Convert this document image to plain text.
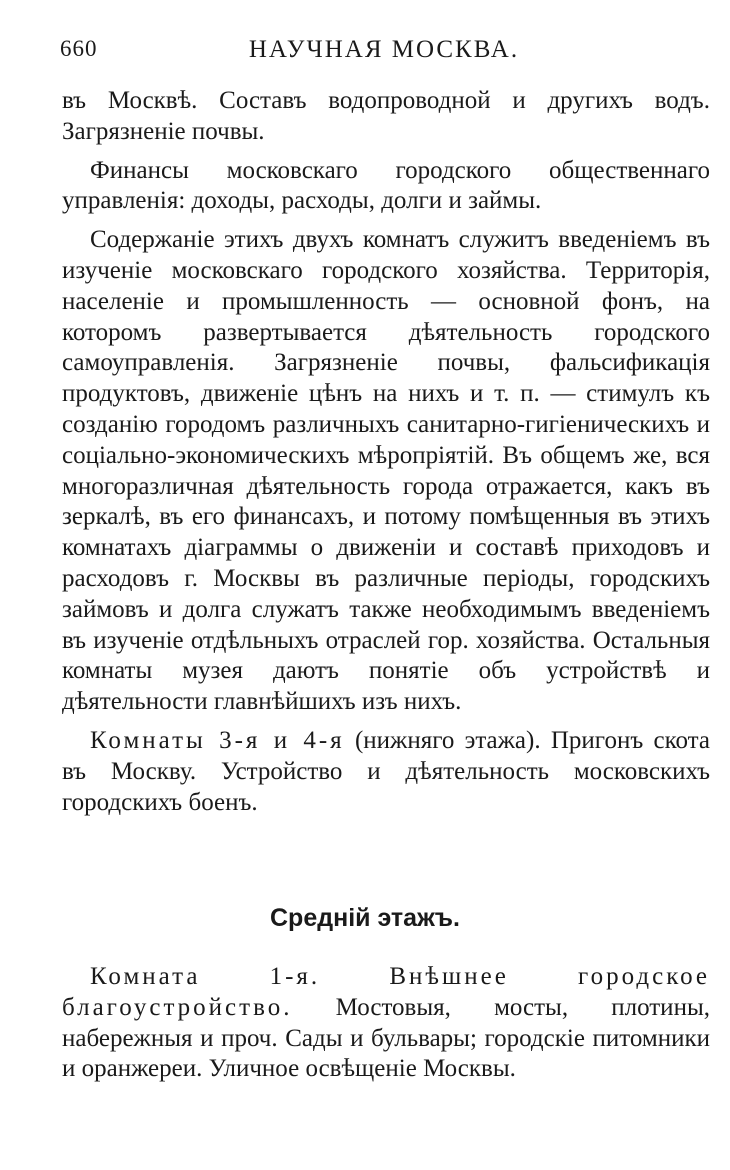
660	НАУЧНАЯ МОСКВА.

въ Москвѣ. Составъ водопроводной и другихъ водъ. Загрязненіе почвы.

Финансы московскаго городского общественнаго управленія: доходы, расходы, долги и займы.

Содержаніе этихъ двухъ комнатъ служитъ введеніемъ въ изученіе московскаго городского хозяйства. Территорія, населеніе и промышленность — основной фонъ, на которомъ развертывается дѣятельность городского самоуправленія. Загрязненіе почвы, фальсификація продуктовъ, движеніе цѣнъ на нихъ и т. п. — стимулъ къ созданію городомъ различныхъ санитарно-гигіеническихъ и соціально-экономическихъ мѣропріятій. Въ общемъ же, вся многоразличная дѣятельность города отражается, какъ въ зеркалѣ, въ его финансахъ, и потому помѣщенныя въ этихъ комнатахъ діаграммы о движеніи и составѣ приходовъ и расходовъ г. Москвы въ различные періоды, городскихъ займовъ и долга служатъ также необходимымъ введеніемъ въ изученіе отдѣльныхъ отраслей гор. хозяйства. Остальныя комнаты музея даютъ понятіе объ устройствѣ и дѣятельности главнѣйшихъ изъ нихъ.

Комнаты 3-я и 4-я (нижняго этажа). Пригонъ скота въ Москву. Устройство и дѣятельность московскихъ городскихъ боенъ.

Средній этажъ.

Комната 1-я. Внѣшнее городское благоустройство. Мостовыя, мосты, плотины, набережныя и проч. Сады и бульвары; городскіе питомники и оранжереи. Уличное освѣщеніе Москвы.
